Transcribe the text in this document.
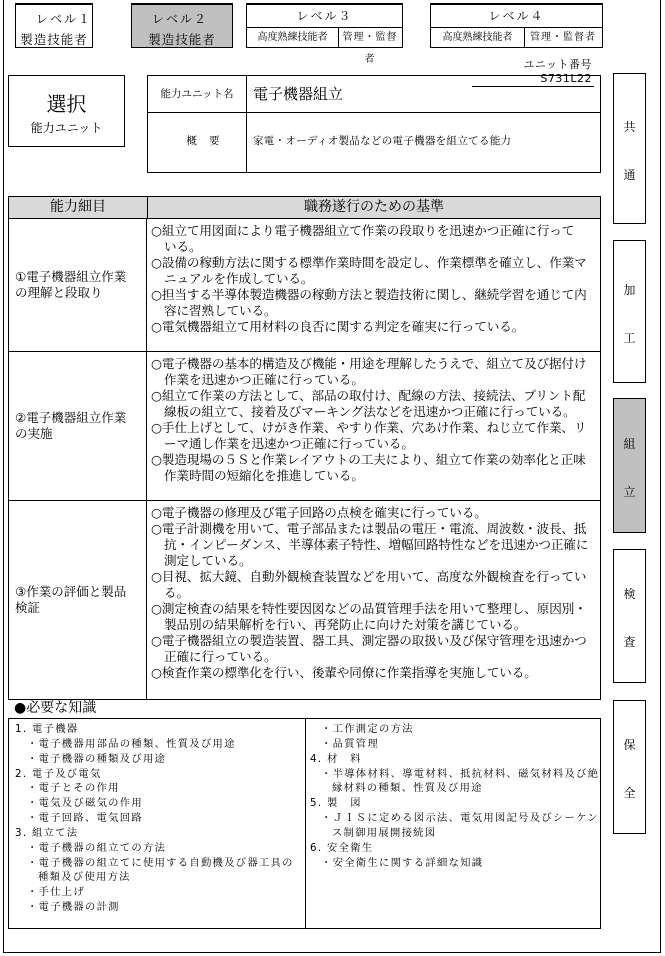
レベル１
製造技能者
レベル２
製造技能者
レベル３
高度熟練技能者	管理・監督者
レベル４
高度熟練技能者	管理・監督者
ユニット番号 S731L22
選択
能力ユニット
能力ユニット名	電子機器組立
概要	家電・オーディオ製品などの電子機器を組立てる能力
能力細目	職務遂行のための基準
①電子機器組立作業
の理解と段取り
○組立て用図面により電子機器組立て作業の段取りを迅速かつ正確に行って
いる。
○設備の稼動方法に関する標準作業時間を設定し、作業標準を確立し、作業マ
ニュアルを作成している。
○担当する半導体製造機器の稼動方法と製造技術に関し、継続学習を通じて内
容に習熟している。
○電気機器組立て用材料の良否に関する判定を確実に行っている。
②電子機器組立作業
の実施
○電子機器の基本的構造及び機能・用途を理解したうえで、組立て及び据付け
作業を迅速かつ正確に行っている。
○組立て作業の方法として、部品の取付け、配線の方法、接続法、プリント配
線板の組立て、接着及びマーキング法などを迅速かつ正確に行っている。
○手仕上げとして、けがき作業、やすり作業、穴あけ作業、ねじ立て作業、リ
ーマ通し作業を迅速かつ正確に行っている。
○製造現場の５Ｓと作業レイアウトの工夫により、組立て作業の効率化と正味
作業時間の短縮化を推進している。
③作業の評価と製品
検証
○電子機器の修理及び電子回路の点検を確実に行っている。
○電子計測機を用いて、電子部品または製品の電圧・電流、周波数・波長、抵
抗・インピーダンス、半導体素子特性、増幅回路特性などを迅速かつ正確に
測定している。
○目視、拡大鏡、自動外観検査装置などを用いて、高度な外観検査を行ってい
る。
○測定検査の結果を特性要因図などの品質管理手法を用いて整理し、原因別・
製品別の結果解析を行い、再発防止に向けた対策を講じている。
○電子機器組立の製造装置、器工具、測定器の取扱い及び保守管理を迅速かつ
正確に行っている。
○検査作業の標準化を行い、後輩や同僚に作業指導を実施している。
●必要な知識
1. 電子機器
・電子機器用部品の種類、性質及び用途
・電子機器の種類及び用途
2. 電子及び電気
・電子とその作用
・電気及び磁気の作用
・電子回路、電気回路
3. 組立て法
・電子機器の組立ての方法
・電子機器の組立てに使用する自動機及び器工具の
種類及び使用方法
・手仕上げ
・電子機器の計測
・工作測定の方法
・品質管理
4. 材　料
・半導体材料、導電材料、抵抗材料、磁気材料及び絶
縁材料の種類、性質及び用途
5. 製　図
・ＪＩＳに定める図示法、電気用図記号及びシーケン
ス制御用展開接続図
6. 安全衛生
・安全衛生に関する詳細な知識
共
通
加
工
組
立
検
査
保
全
